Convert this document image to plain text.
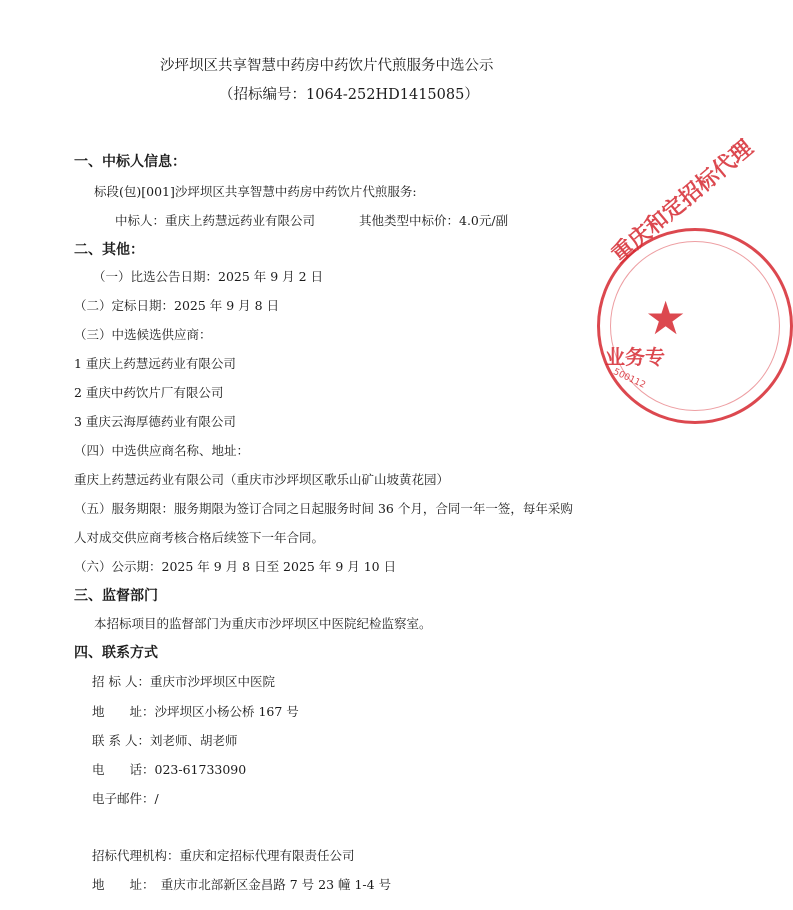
沙坪坝区共享智慧中药房中药饮片代煎服务中选公示
（招标编号：1064-252HD1415085）
一、中标人信息：
标段(包)[001]沙坪坝区共享智慧中药房中药饮片代煎服务:
中标人：重庆上药慧远药业有限公司	其他类型中标价：4.0元/副
二、其他：
（一）比选公告日期：2025 年 9 月 2 日
（二）定标日期：2025 年 9 月 8 日
（三）中选候选供应商：
1 重庆上药慧远药业有限公司
2 重庆中药饮片厂有限公司
3 重庆云海厚德药业有限公司
（四）中选供应商名称、地址：
重庆上药慧远药业有限公司（重庆市沙坪坝区歌乐山矿山坡黄花园）
（五）服务期限：服务期限为签订合同之日起服务时间 36 个月，合同一年一签，每年采购
人对成交供应商考核合格后续签下一年合同。
（六）公示期：2025 年 9 月 8 日至 2025 年 9 月 10 日
三、监督部门
本招标项目的监督部门为重庆市沙坪坝区中医院纪检监察室。
四、联系方式
招 标 人：重庆市沙坪坝区中医院
地　　址：沙坪坝区小杨公桥 167 号
联 系 人：刘老师、胡老师
电　　话：023-61733090
电子邮件：/
招标代理机构：重庆和定招标代理有限责任公司
地　　址：　重庆市北部新区金昌路 7 号 23 幢 1-4 号
重庆和定招标代理
★
业务专
500112
